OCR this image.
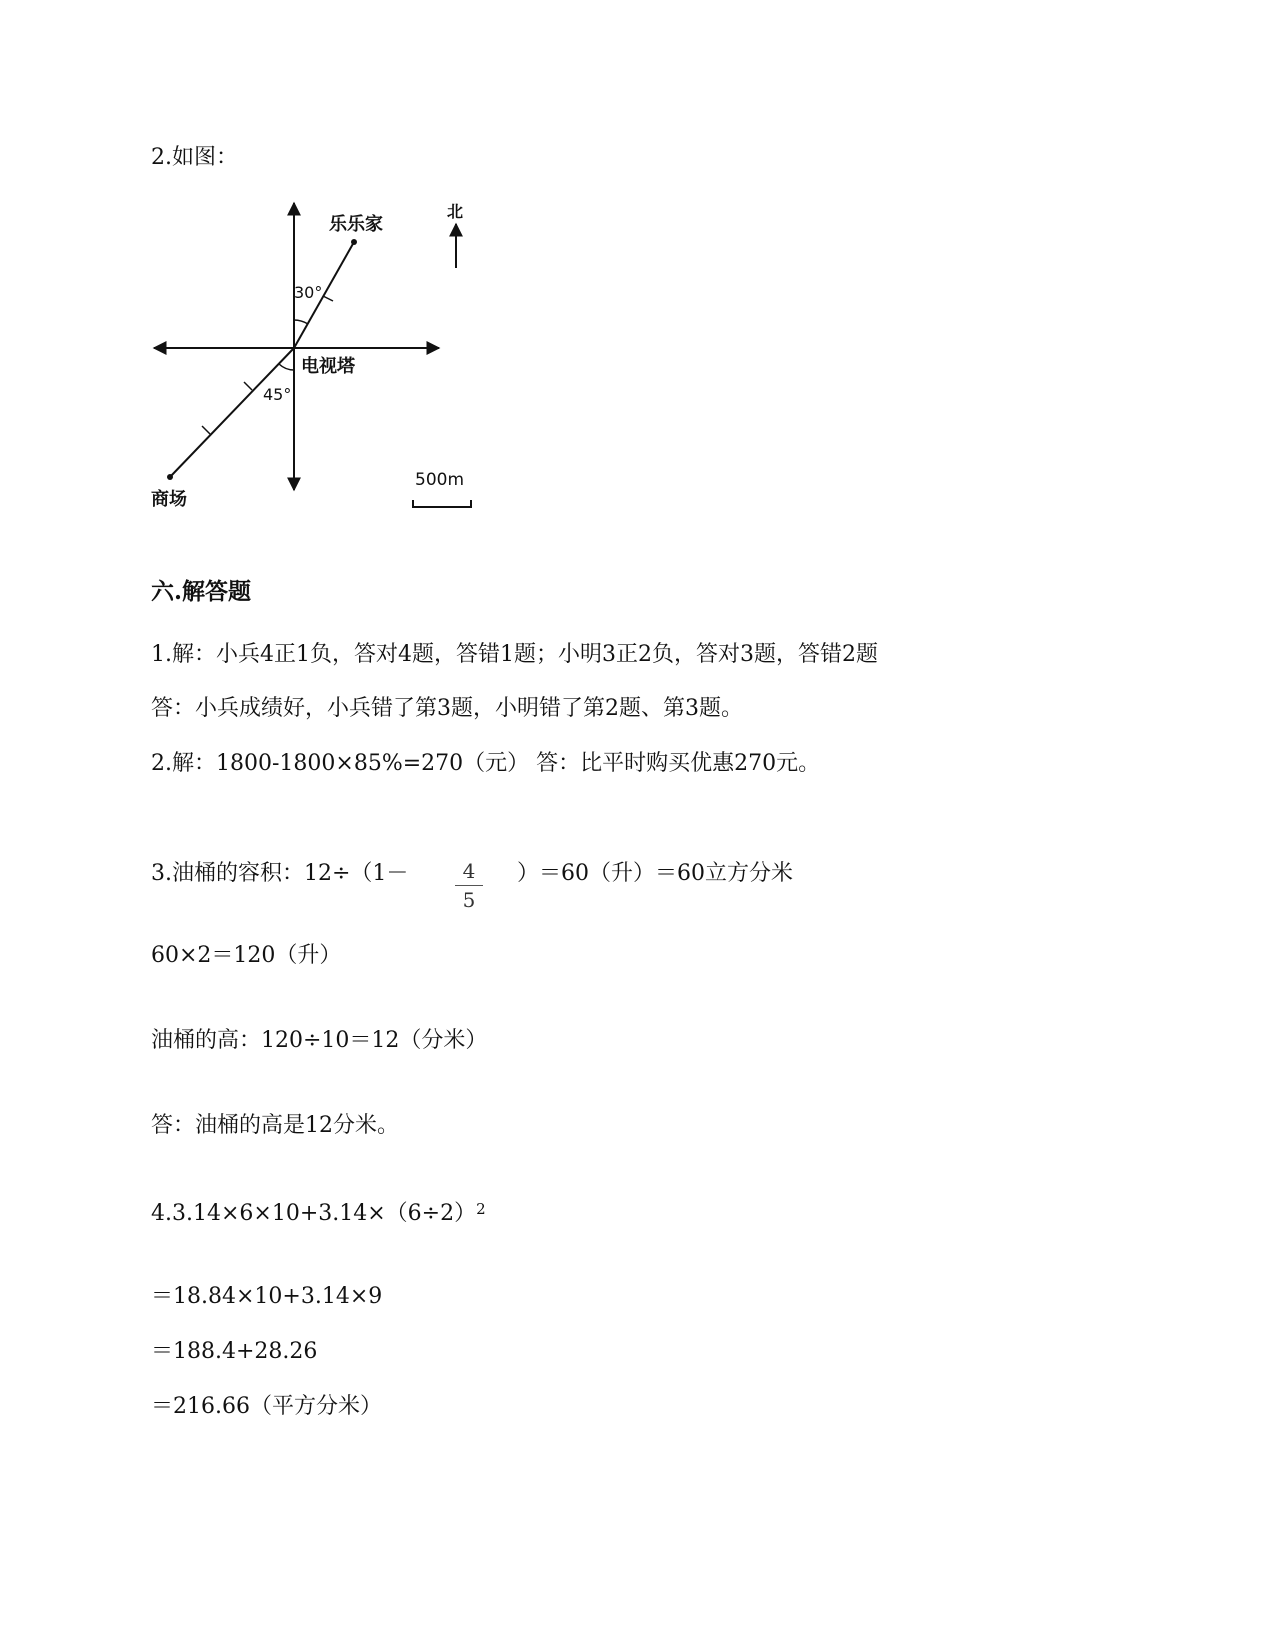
2.如图：
乐乐家
北
30°
电视塔
45°
商场
500m
六.解答题
1.解：小兵4正1负，答对4题，答错1题；小明3正2负，答对3题，答错2题
答：小兵成绩好，小兵错了第3题，小明错了第2题、第3题。
2.解：1800-1800×85%=270（元） 答：比平时购买优惠270元。
3.油桶的容积：12÷（1－	4
5
）＝60（升）＝60立方分米
60×2＝120（升）
油桶的高：120÷10＝12（分米）
答：油桶的高是12分米。
$4.3.14\times 6\times 10+3.14\times(6\div 2)^2$
＝18.84×10+3.14×9
＝188.4+28.26
＝216.66（平方分米）
